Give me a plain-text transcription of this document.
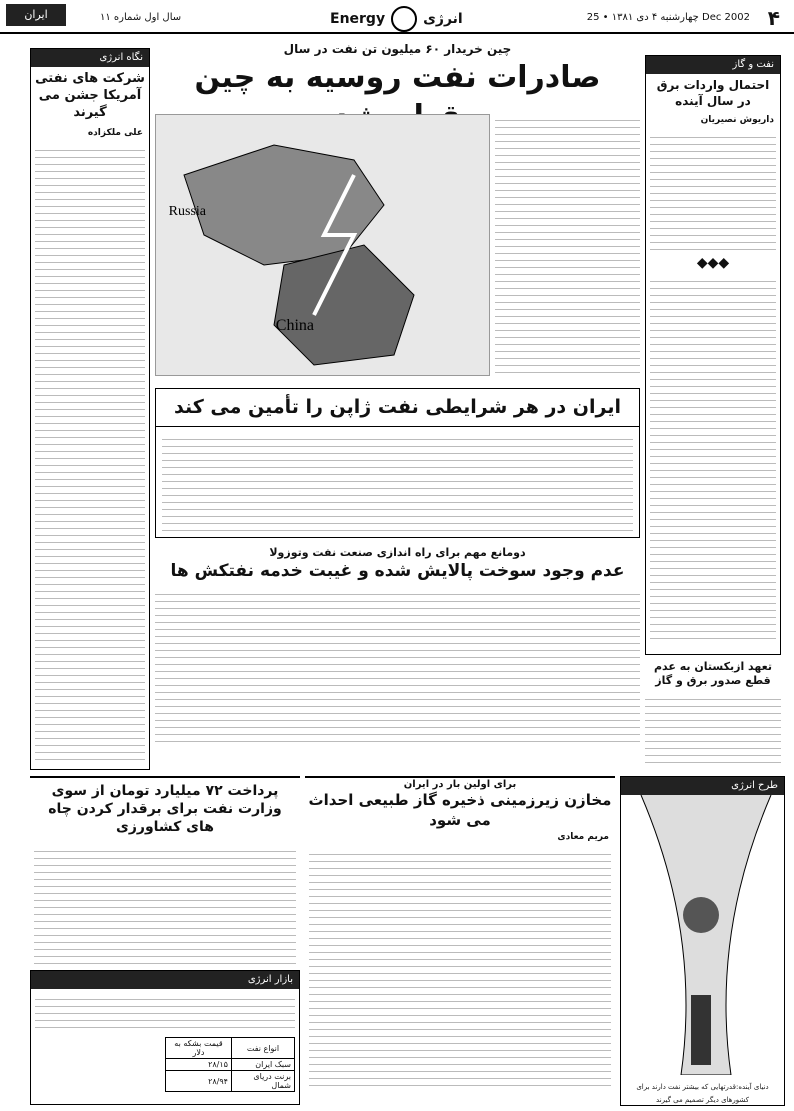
۴
چهارشنبه ۴ دی ۱۳۸۱ • 25 Dec 2002
Energy	انرژی
سال اول شماره ۱۱
ایران
نگاه انرژی
شرکت های نفتی آمریکا جشن می گیرند
علی ملکزاده
چین خریدار ۶۰ میلیون تن نفت در سال
صادرات نفت روسیه به چین
Russia
China
نفت و گاز
احتمال واردات برق در سال آینده
داریوش نصیریان
◆◆◆
تعهد ازبکستان به عدم قطع صدور برق و گاز
ایران در هر شرایطی نفت ژاپن را تأمین می کند
دومانع مهم برای راه اندازی صنعت نفت وتوزولا
عدم وجود سوخت پالایش شده و غیبت خدمه نفتکش ها
پرداخت ۷۲ میلیارد تومان از سوی وزارت نفت برای برقدار کردن چاه های کشاورزی
برای اولین بار در ایران
مخازن زیرزمینی ذخیره گاز طبیعی احداث می شود
مریم معادی
بازار انرژی
انواع نفت	قیمت بشکه به دلار
سبک ایران	۲۸/۱۵
برنت دریای شمال	۲۸/۹۴
طرح انرژی
دنیای آینده:قدرتهایی که بیشتر نفت دارند برای کشورهای دیگر تصمیم می گیرند
